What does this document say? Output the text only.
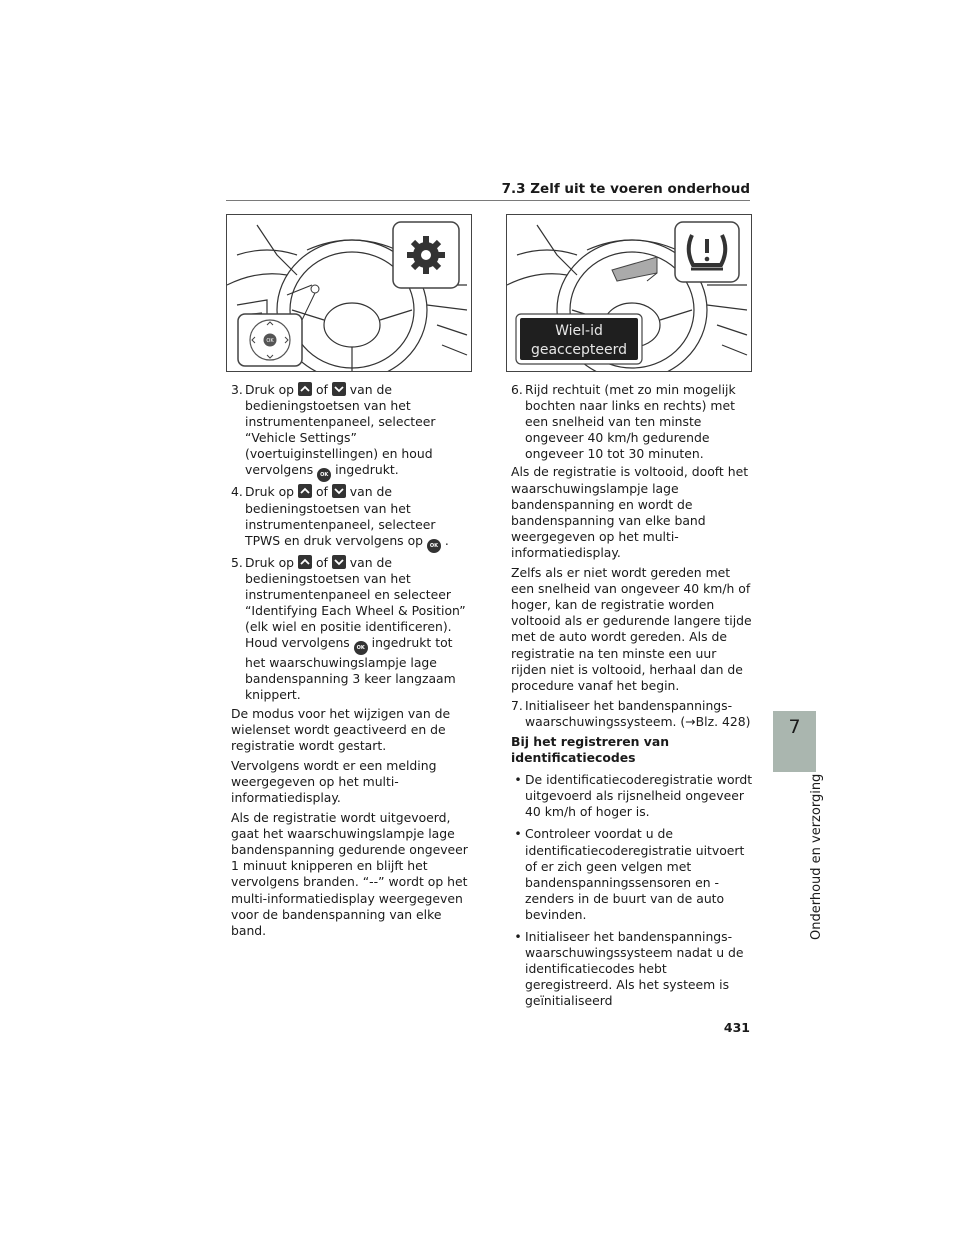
7.3 Zelf uit te voeren onderhoud
OK
Wiel-id
geaccepteerd
3. Druk op
of
van de bedieningstoetsen van het instrumentenpaneel, selecteer “Vehicle Settings” (voertuiginstellingen) en houd vervolgens OK ingedrukt.
4. Druk op
of
van de bedieningstoetsen van het instrumentenpaneel, selecteer TPWS en druk vervolgens op OK .
5. Druk op
of
van de bedieningstoetsen van het instrumentenpaneel en selecteer “Identifying Each Wheel & Position” (elk wiel en positie identificeren). Houd vervolgens OK ingedrukt tot het waarschuwingslampje lage bandenspanning 3 keer langzaam knippert.

De modus voor het wijzigen van de wielenset wordt geactiveerd en de registratie wordt gestart.

Vervolgens wordt er een melding weergegeven op het multi-informatiedisplay.

Als de registratie wordt uitgevoerd, gaat het waarschuwingslampje lage bandenspanning gedurende ongeveer 1 minuut knipperen en blijft het vervolgens branden. “--” wordt op het multi-informatiedisplay weergegeven voor de bandenspanning van elke band.

6. Rijd rechtuit (met zo min mogelijk bochten naar links en rechts) met een snelheid van ten minste ongeveer 40 km/h gedurende ongeveer 10 tot 30 minuten.

Als de registratie is voltooid, dooft het waarschuwingslampje lage bandenspanning en wordt de bandenspanning van elke band weergegeven op het multi-informatiedisplay.

Zelfs als er niet wordt gereden met een snelheid van ongeveer 40 km/h of hoger, kan de registratie worden voltooid als er gedurende langere tijde met de auto wordt gereden. Als de registratie na ten minste een uur rijden niet is voltooid, herhaal dan de procedure vanaf het begin.

7. Initialiseer het bandenspanningswaarschuwingssysteem. (→Blz. 428)
Bij het registreren van identificatiecodes
• De identificatiecoderegistratie wordt uitgevoerd als rijsnelheid ongeveer 40 km/h of hoger is.
• Controleer voordat u de identificatiecoderegistratie uitvoert of er zich geen velgen met bandenspanningssensoren en -zenders in de buurt van de auto bevinden.
• Initialiseer het bandenspanningswaarschuwingssysteem nadat u de identificatiecodes hebt geregistreerd. Als het systeem is geïnitialiseerd
7
Onderhoud en verzorging
431
